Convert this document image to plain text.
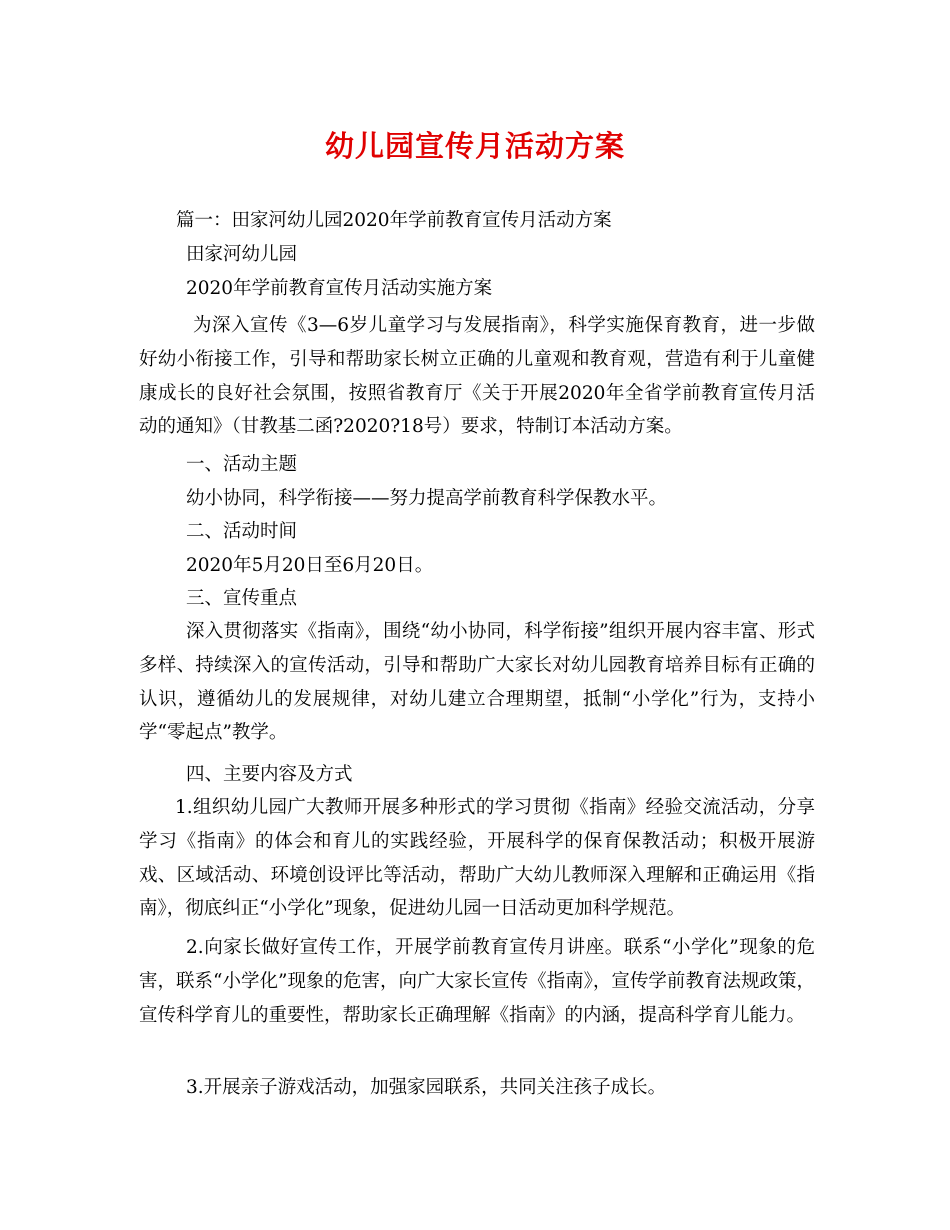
幼儿园宣传月活动方案
篇一：田家河幼儿园2020年学前教育宣传月活动方案
田家河幼儿园
2020年学前教育宣传月活动实施方案
为深入宣传《3—6岁儿童学习与发展指南》，科学实施保育教育，进一步做好幼小衔接工作，引导和帮助家长树立正确的儿童观和教育观，营造有利于儿童健康成长的良好社会氛围，按照省教育厅《关于开展2020年全省学前教育宣传月活动的通知》（甘教基二函?2020?18号）要求，特制订本活动方案。
一、活动主题
幼小协同，科学衔接——努力提高学前教育科学保教水平。
二、活动时间
2020年5月20日至6月20日。
三、宣传重点
深入贯彻落实《指南》，围绕“幼小协同，科学衔接”组织开展内容丰富、形式多样、持续深入的宣传活动，引导和帮助广大家长对幼儿园教育培养目标有正确的认识，遵循幼儿的发展规律，对幼儿建立合理期望，抵制“小学化”行为，支持小学“零起点”教学。
四、主要内容及方式
1.组织幼儿园广大教师开展多种形式的学习贯彻《指南》经验交流活动，分享学习《指南》的体会和育儿的实践经验，开展科学的保育保教活动；积极开展游戏、区域活动、环境创设评比等活动，帮助广大幼儿教师深入理解和正确运用《指南》，彻底纠正“小学化”现象，促进幼儿园一日活动更加科学规范。
2.向家长做好宣传工作，开展学前教育宣传月讲座。联系“小学化”现象的危害，联系“小学化”现象的危害，向广大家长宣传《指南》，宣传学前教育法规政策，宣传科学育儿的重要性，帮助家长正确理解《指南》的内涵，提高科学育儿能力。
3.开展亲子游戏活动，加强家园联系，共同关注孩子成长。
